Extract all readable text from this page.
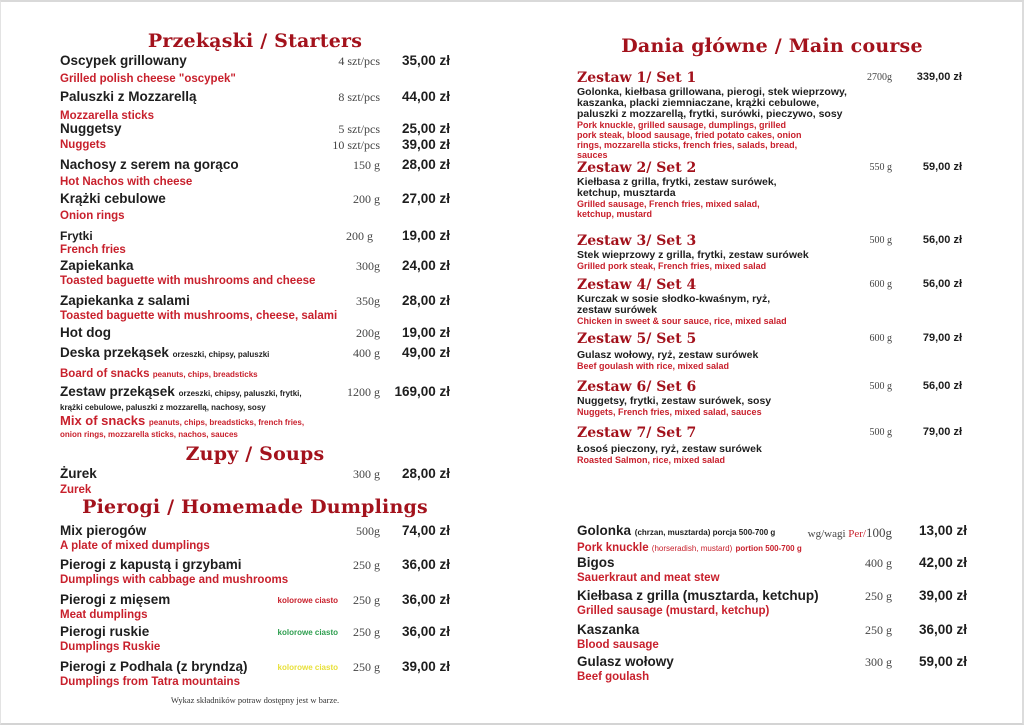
Przekąski / Starters
Oscypek grillowany
Grilled polish cheese "oscypek"
4 szt/pcs 35,00 zł
Paluszki z Mozzarellą
Mozzarella sticks
8 szt/pcs 44,00 zł
Nuggetsy
Nuggets
5 szt/pcs 25,00 zł
10 szt/pcs 39,00 zł
Nachosy z serem na gorąco
Hot Nachos with cheese
150 g 28,00 zł
Krążki cebulowe
Onion rings
200 g 27,00 zł
Frytki
French fries
200 g 19,00 zł
Zapiekanka
Toasted baguette with mushrooms and cheese
300g 24,00 zł
Zapiekanka z salami
Toasted baguette with mushrooms, cheese, salami
350g 28,00 zł
Hot dog	200g 19,00 zł
Deska przekąsek orzeszki, chipsy, paluszki
Board of snacks peanuts, chips, breadsticks
400 g 49,00 zł
Zestaw przekąsek orzeszki, chipsy, paluszki, frytki,
krążki cebulowe, paluszki z mozzarellą, nachosy, sosy
Mix of snacks peanuts, chips, breadsticks, french fries,
onion rings, mozzarella sticks, nachos, sauces
1200 g 169,00 zł
Zupy / Soups
Żurek
Zurek
300 g 28,00 zł
Pierogi / Homemade Dumplings
Mix pierogów
A plate of mixed dumplings
500g 74,00 zł
Pierogi z kapustą i grzybami
Dumplings with cabbage and mushrooms
250 g 36,00 zł
Pierogi z mięsem
Meat dumplings
kolorowe ciasto 250 g 36,00 zł
Pierogi ruskie
Dumplings Ruskie
kolorowe ciasto 250 g 36,00 zł
Pierogi z Podhala (z bryndzą)
Dumplings from Tatra mountains
kolorowe ciasto 250 g 39,00 zł
Wykaz składników potraw dostępny jest w barze.
Dania główne / Main course
Zestaw 1/ Set 1
Golonka, kiełbasa grillowana, pierogi, stek wieprzowy, kaszanka, placki ziemniaczane, krążki cebulowe, paluszki z mozzarellą, frytki, surówki, pieczywo, sosy
Pork knuckle, grilled sausage, dumplings, grilled pork steak, blood sausage, fried potato cakes, onion rings, mozzarella sticks, french fries, salads, bread, sauces
2700g 339,00 zł
Zestaw 2/ Set 2
Kiełbasa z grilla, frytki, zestaw surówek, ketchup, musztarda
Grilled sausage, French fries, mixed salad, ketchup, mustard
550 g	59,00 zł
Zestaw 3/ Set 3
Stek wieprzowy z grilla, frytki, zestaw surówek
Grilled pork steak, French fries, mixed salad
500 g	56,00 zł
Zestaw 4/ Set 4
Kurczak w sosie słodko-kwaśnym, ryż, zestaw surówek
Chicken in sweet & sour sauce, rice, mixed salad
600 g	56,00 zł
Zestaw 5/ Set 5
Gulasz wołowy, ryż, zestaw surówek
Beef goulash with rice, mixed salad
600 g	79,00 zł
Zestaw 6/ Set 6
Nuggetsy, frytki, zestaw surówek, sosy
Nuggets, French fries, mixed salad, sauces
500 g	56,00 zł
Zestaw 7/ Set 7
Łosoś pieczony, ryż, zestaw surówek
Roasted Salmon, rice, mixed salad
500 g	79,00 zł
Golonka (chrzan, musztarda) porcja 500-700 g
Pork knuckle (horseradish, mustard) portion 500-700 g
wg/wagi Per/100g 13,00 zł
Bigos
Sauerkraut and meat stew
400 g 42,00 zł
Kiełbasa z grilla (musztarda, ketchup)
Grilled sausage (mustard, ketchup)
250 g 39,00 zł
Kaszanka
Blood sausage
250 g 36,00 zł
Gulasz wołowy
Beef goulash
300 g 59,00 zł
